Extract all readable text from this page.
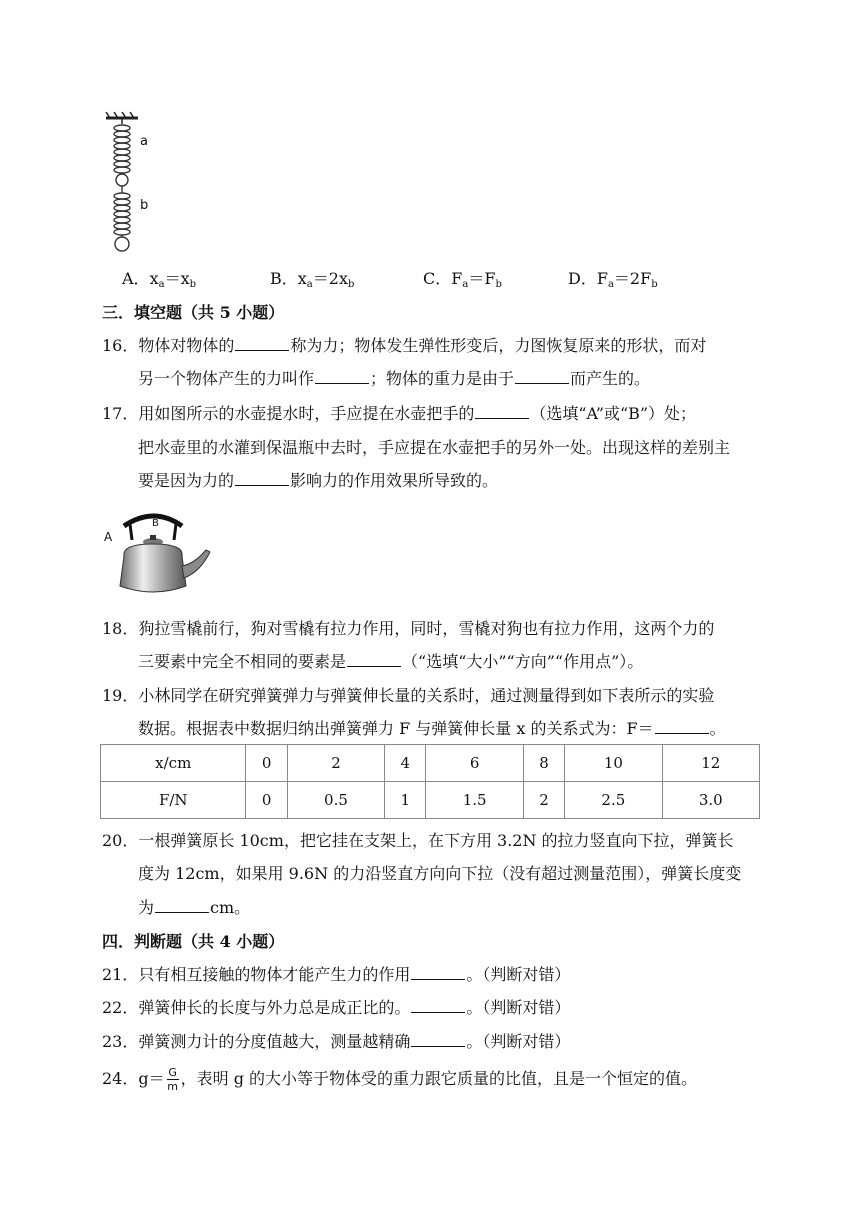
a
b
A．$x_a=x_b$	B．$x_a=2x_b$	C．$F_a=F_b$	D．$F_a=2F_b$
三．填空题（共 5 小题）
16．物体对物体的	称为力；物体发生弹性形变后，力图恢复原来的形状，而对
另一个物体产生的力叫作	；物体的重力是由于	而产生的。
17．用如图所示的水壶提水时，手应提在水壶把手的	（选填“A”或“B”）处；
把水壶里的水灌到保温瓶中去时，手应提在水壶把手的另外一处。出现这样的差别主
要是因为力的	影响力的作用效果所导致的。
A
B
18．狗拉雪橇前行，狗对雪橇有拉力作用，同时，雪橇对狗也有拉力作用，这两个力的
三要素中完全不相同的要素是	（“选填“大小”“方向”“作用点”）。
19．小林同学在研究弹簧弹力与弹簧伸长量的关系时，通过测量得到如下表所示的实验
数据。根据表中数据归纳出弹簧弹力 F 与弹簧伸长量 x 的关系式为：F＝	。
x/cm	0	2	4	6	8	10	12
F/N	0	0.5	1	1.5	2	2.5	3.0
20．一根弹簧原长 10cm，把它挂在支架上，在下方用 3.2N 的拉力竖直向下拉，弹簧长
度为 12cm，如果用 9.6N 的力沿竖直方向向下拉（没有超过测量范围），弹簧长度变
为	cm。
四．判断题（共 4 小题）
21．只有相互接触的物体才能产生力的作用	。（判断对错）
22．弹簧伸长的长度与外力总是成正比的。	。（判断对错）
23．弹簧测力计的分度值越大，测量越精确	。（判断对错）
24．$g= \frac{G}{m}$ ，表明 g 的大小等于物体受的重力跟它质量的比值，且是一个恒定的值。
